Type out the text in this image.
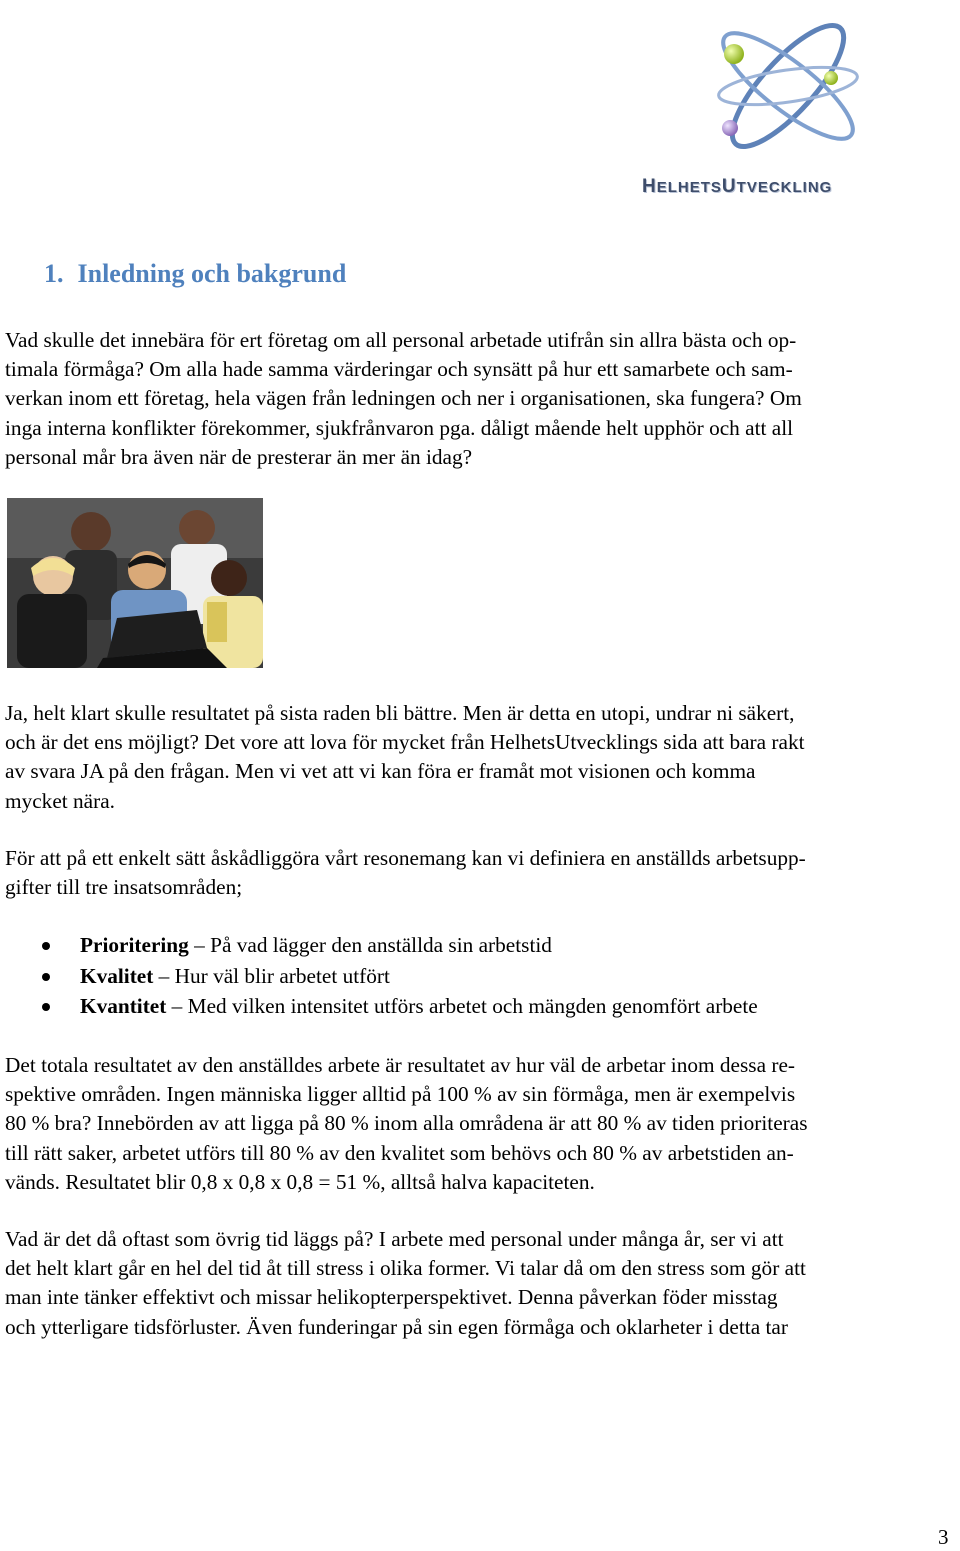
HELHETSUTVECKLING
1. Inledning och bakgrund

Vad skulle det innebära för ert företag om all personal arbetade utifrån sin allra bästa och op-
timala förmåga? Om alla hade samma värderingar och synsätt på hur ett samarbete och sam-
verkan inom ett företag, hela vägen från ledningen och ner i organisationen, ska fungera? Om
inga interna konflikter förekommer, sjukfrånvaron pga. dåligt mående helt upphör och att all
personal mår bra även när de presterar än mer än idag?

Ja, helt klart skulle resultatet på sista raden bli bättre. Men är detta en utopi, undrar ni säkert,
och är det ens möjligt? Det vore att lova för mycket från HelhetsUtvecklings sida att bara rakt
av svara JA på den frågan. Men vi vet att vi kan föra er framåt mot visionen och komma
mycket nära.

För att på ett enkelt sätt åskådliggöra vårt resonemang kan vi definiera en anställds arbetsupp-
gifter till tre insatsområden;

Prioritering – På vad lägger den anställda sin arbetstid
Kvalitet – Hur väl blir arbetet utfört
Kvantitet – Med vilken intensitet utförs arbetet och mängden genomfört arbete

Det totala resultatet av den anställdes arbete är resultatet av hur väl de arbetar inom dessa re-
spektive områden. Ingen människa ligger alltid på 100 % av sin förmåga, men är exempelvis
80 % bra? Innebörden av att ligga på 80 % inom alla områdena är att 80 % av tiden prioriteras
till rätt saker, arbetet utförs till 80 % av den kvalitet som behövs och 80 % av arbetstiden an-
vänds. Resultatet blir 0,8 x 0,8 x 0,8 = 51 %, alltså halva kapaciteten.

Vad är det då oftast som övrig tid läggs på? I arbete med personal under många år, ser vi att
det helt klart går en hel del tid åt till stress i olika former. Vi talar då om den stress som gör att
man inte tänker effektivt och missar helikopterperspektivet. Denna påverkan föder misstag
och ytterligare tidsförluster. Även funderingar på sin egen förmåga och oklarheter i detta tar

3
